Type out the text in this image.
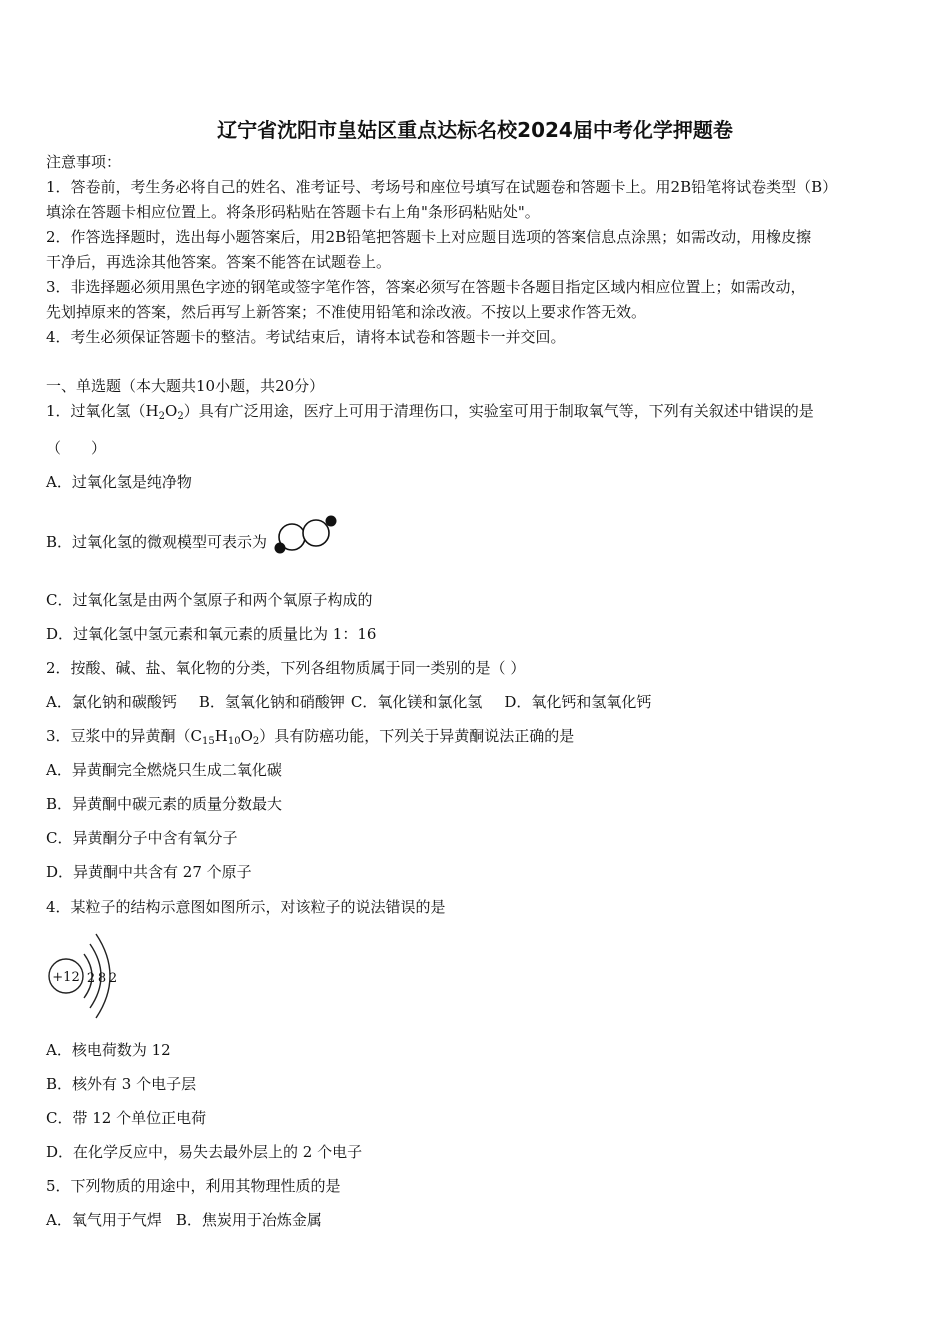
辽宁省沈阳市皇姑区重点达标名校2024届中考化学押题卷
注意事项：
1．答卷前，考生务必将自己的姓名、准考证号、考场号和座位号填写在试题卷和答题卡上。用2B铅笔将试卷类型（B）
填涂在答题卡相应位置上。将条形码粘贴在答题卡右上角"条形码粘贴处"。
2．作答选择题时，选出每小题答案后，用2B铅笔把答题卡上对应题目选项的答案信息点涂黑；如需改动，用橡皮擦
干净后，再选涂其他答案。答案不能答在试题卷上。
3．非选择题必须用黑色字迹的钢笔或签字笔作答，答案必须写在答题卡各题目指定区域内相应位置上；如需改动，
先划掉原来的答案，然后再写上新答案；不准使用铅笔和涂改液。不按以上要求作答无效。
4．考生必须保证答题卡的整洁。考试结束后，请将本试卷和答题卡一并交回。
一、单选题（本大题共10小题，共20分）
1．过氧化氢$(H_2O_2)$具有广泛用途，医疗上可用于清理伤口，实验室可用于制取氧气等，下列有关叙述中错误的是
（　　）
A．过氧化氢是纯净物
B．过氧化氢的微观模型可表示为
C．过氧化氢是由两个氢原子和两个氧原子构成的
D．过氧化氢中氢元素和氧元素的质量比为 1：16
2．按酸、碱、盐、氧化物的分类，下列各组物质属于同一类别的是（ ）
A．氯化钠和碳酸钙 B．氢氧化钠和硝酸钾 C．氧化镁和氯化氢 D．氧化钙和氢氧化钙
3．豆浆中的异黄酮$(C_{15}H_{10}O_2)$具有防癌功能，下列关于异黄酮说法正确的是
A．异黄酮完全燃烧只生成二氧化碳
B．异黄酮中碳元素的质量分数最大
C．异黄酮分子中含有氧分子
D．异黄酮中共含有 27 个原子
4．某粒子的结构示意图如图所示，对该粒子的说法错误的是
+12 2 8 2
A．核电荷数为 12
B．核外有 3 个电子层
C．带 12 个单位正电荷
D．在化学反应中，易失去最外层上的 2 个电子
5．下列物质的用途中，利用其物理性质的是
A．氧气用于气焊 B．焦炭用于冶炼金属
